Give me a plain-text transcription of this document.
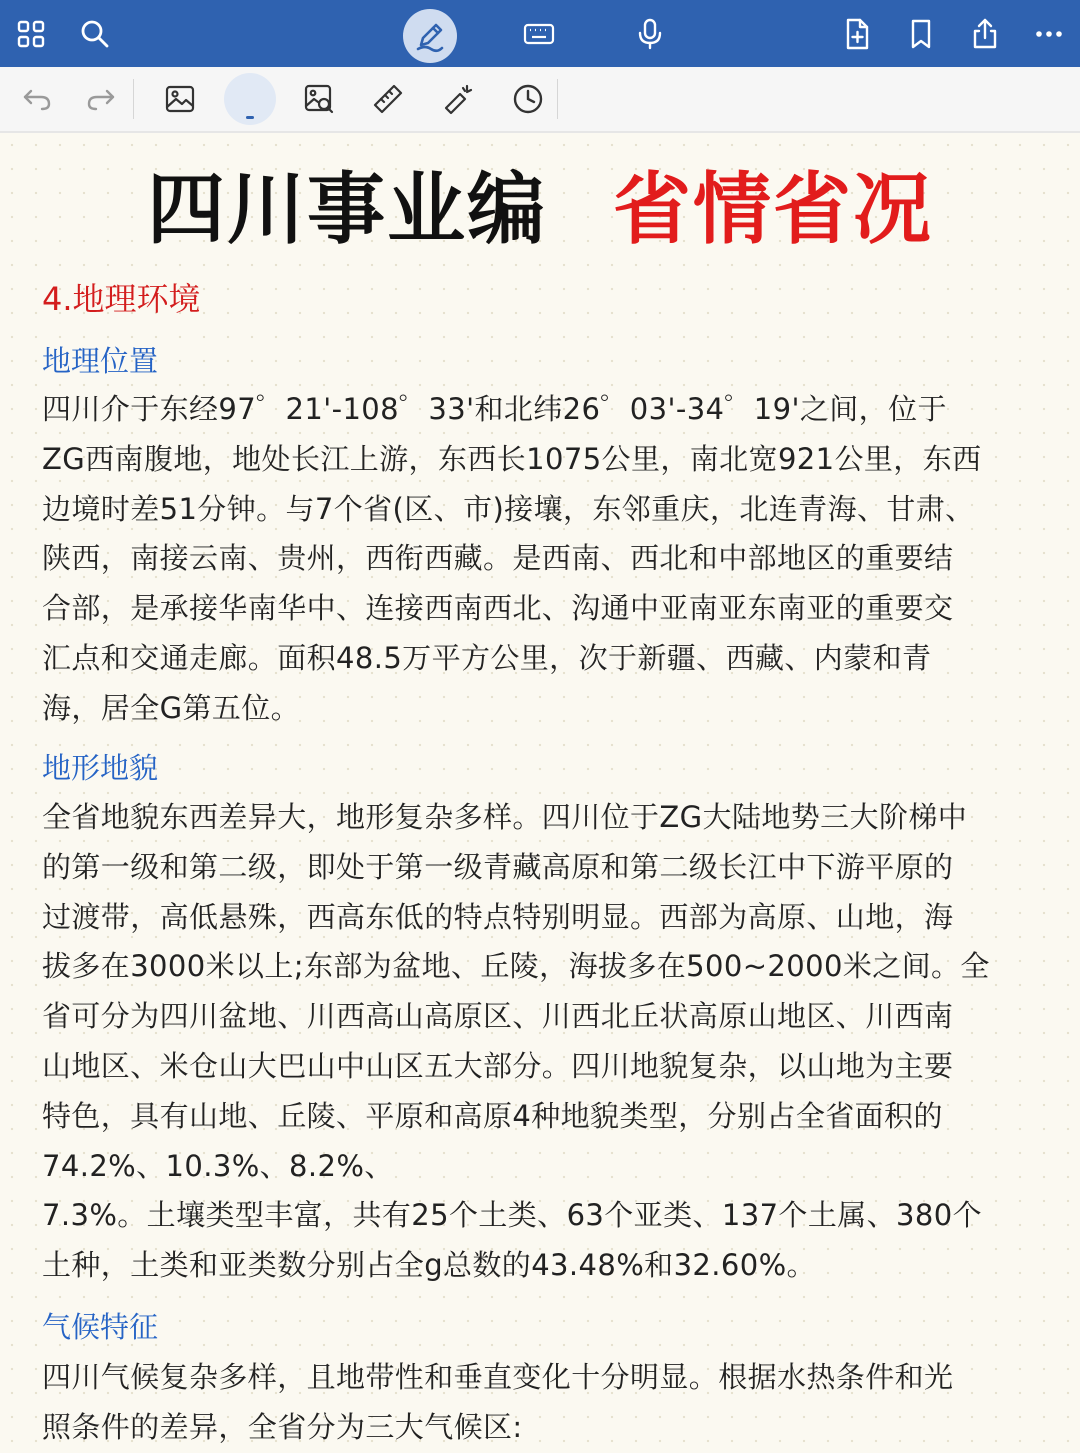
四川事业编 省情省况
4.地理环境
地理位置
四川介于东经97゜21'-108゜33'和北纬26゜03'-34゜19'之间，位于
ZG西南腹地，地处长江上游，东西长1075公里，南北宽921公里，东西
边境时差51分钟。与7个省(区、市)接壤，东邻重庆，北连青海、甘肃、
陕西，南接云南、贵州，西衔西藏。是西南、西北和中部地区的重要结
合部，是承接华南华中、连接西南西北、沟通中亚南亚东南亚的重要交
汇点和交通走廊。面积48.5万平方公里，次于新疆、西藏、内蒙和青
海，居全G第五位。
地形地貌
全省地貌东西差异大，地形复杂多样。四川位于ZG大陆地势三大阶梯中
的第一级和第二级，即处于第一级青藏高原和第二级长江中下游平原的
过渡带，高低悬殊，西高东低的特点特别明显。西部为高原、山地，海
拔多在3000米以上;东部为盆地、丘陵，海拔多在500~2000米之间。全
省可分为四川盆地、川西高山高原区、川西北丘状高原山地区、川西南
山地区、米仓山大巴山中山区五大部分。四川地貌复杂，以山地为主要
特色，具有山地、丘陵、平原和高原4种地貌类型，分别占全省面积的
74.2%、10.3%、8.2%、
7.3%。土壤类型丰富，共有25个土类、63个亚类、137个土属、380个
土种，土类和亚类数分别占全g总数的43.48%和32.60%。
气候特征
四川气候复杂多样，且地带性和垂直变化十分明显。根据水热条件和光
照条件的差异，全省分为三大气候区:
